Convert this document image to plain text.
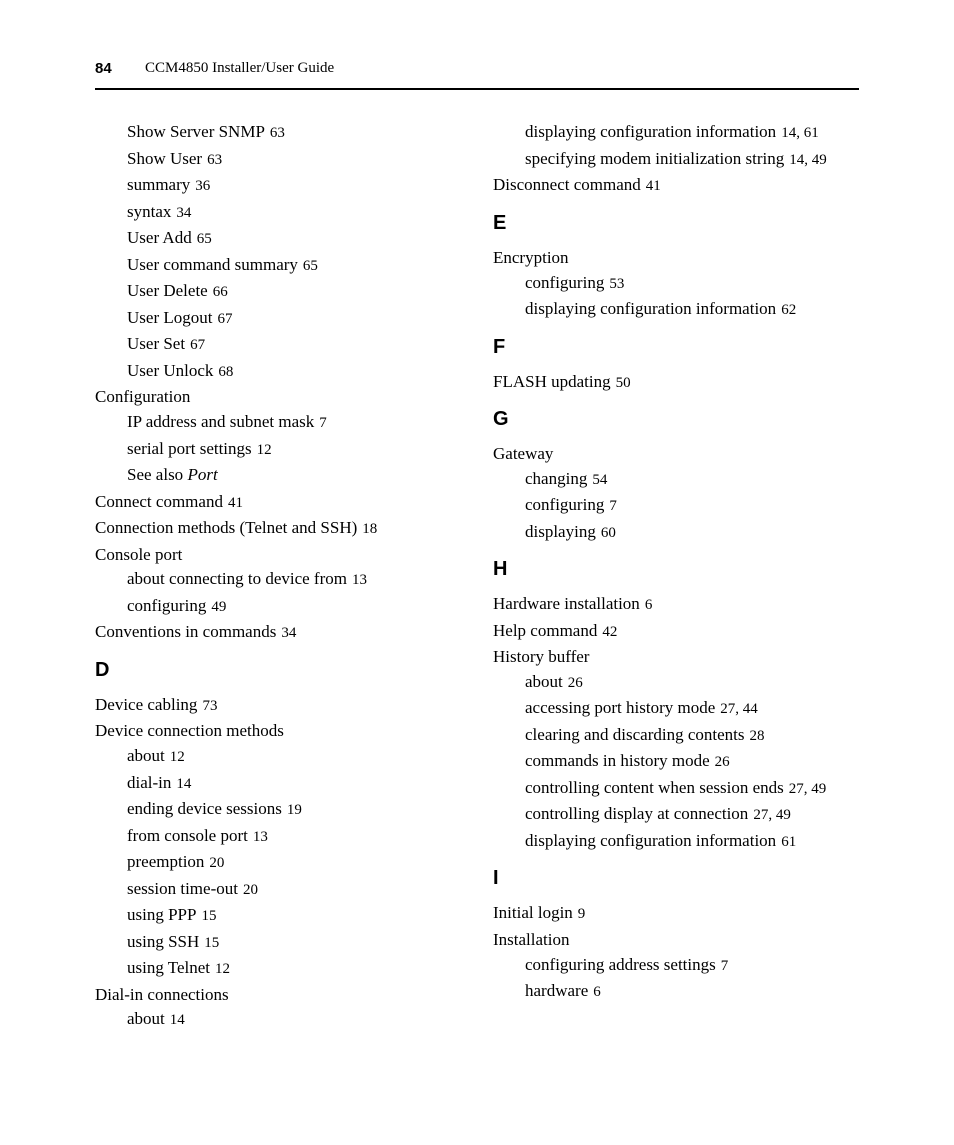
84 CCM4850 Installer/User Guide
Show Server SNMP 63
Show User 63
summary 36
syntax 34
User Add 65
User command summary 65
User Delete 66
User Logout 67
User Set 67
User Unlock 68
Configuration
IP address and subnet mask 7
serial port settings 12
See also Port
Connect command 41
Connection methods (Telnet and SSH) 18
Console port
about connecting to device from 13
configuring 49
Conventions in commands 34
D
Device cabling 73
Device connection methods
about 12
dial-in 14
ending device sessions 19
from console port 13
preemption 20
session time-out 20
using PPP 15
using SSH 15
using Telnet 12
Dial-in connections
about 14
displaying configuration information 14, 61
specifying modem initialization string 14, 49
Disconnect command 41
E
Encryption
configuring 53
displaying configuration information 62
F
FLASH updating 50
G
Gateway
changing 54
configuring 7
displaying 60
H
Hardware installation 6
Help command 42
History buffer
about 26
accessing port history mode 27, 44
clearing and discarding contents 28
commands in history mode 26
controlling content when session ends 27, 49
controlling display at connection 27, 49
displaying configuration information 61
I
Initial login 9
Installation
configuring address settings 7
hardware 6
